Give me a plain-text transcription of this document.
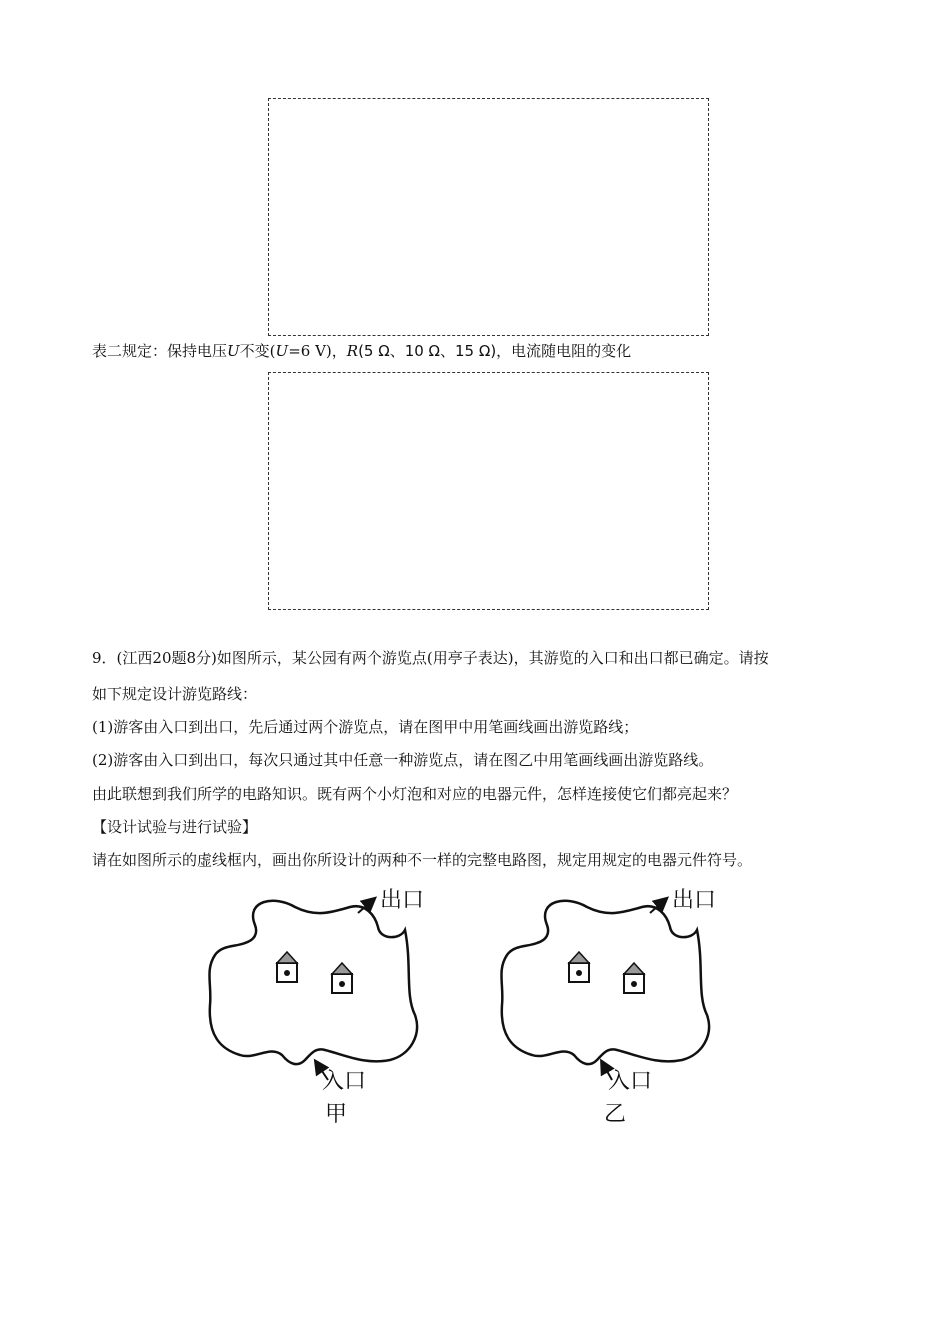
表二规定：保持电压U不变(U=6 V)，R(5 Ω、10 Ω、15 Ω)，电流随电阻的变化
9．(江西20题8分)如图所示，某公园有两个游览点(用亭子表达)，其游览的入口和出口都已确定。请按
如下规定设计游览路线：
(1)游客由入口到出口，先后通过两个游览点，请在图甲中用笔画线画出游览路线；
(2)游客由入口到出口，每次只通过其中任意一种游览点，请在图乙中用笔画线画出游览路线。
由此联想到我们所学的电路知识。既有两个小灯泡和对应的电器元件，怎样连接使它们都亮起来？
【设计试验与进行试验】
请在如图所示的虚线框内，画出你所设计的两种不一样的完整电路图，规定用规定的电器元件符号。
出口
入口
甲
出口
入口
乙
